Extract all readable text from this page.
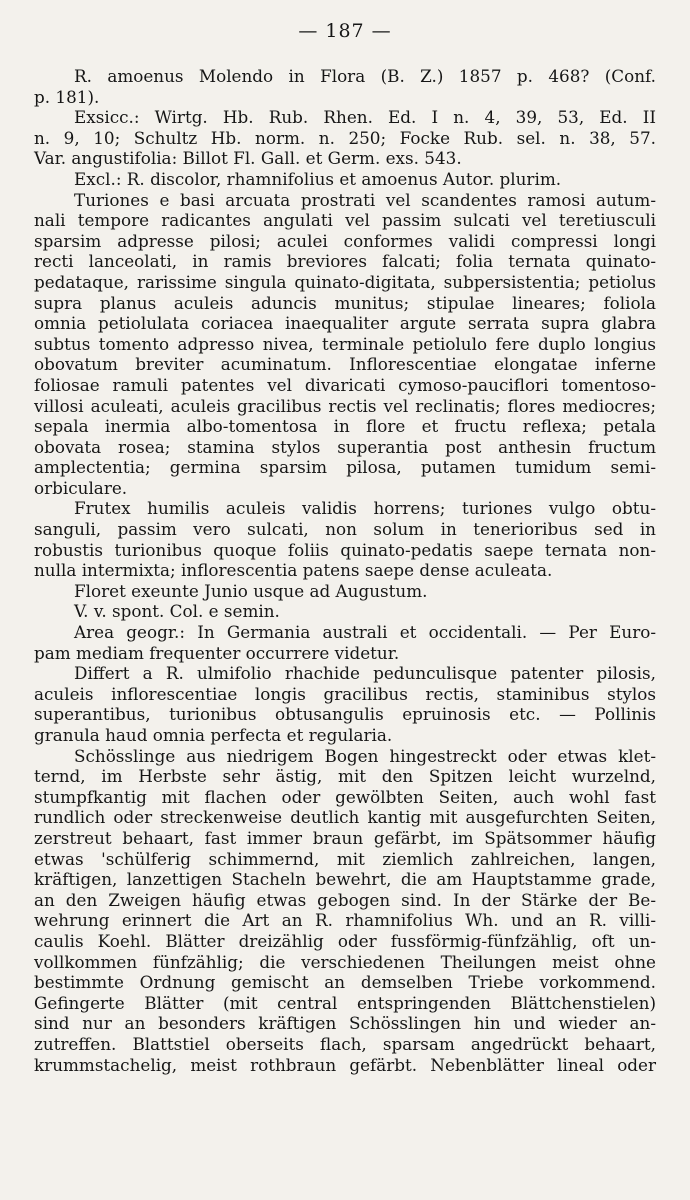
— 187 —
R. amoenus Molendo in Flora (B. Z.) 1857 p. 468? (Conf.
p. 181).
Exsicc.: Wirtg. Hb. Rub. Rhen. Ed. I n. 4, 39, 53, Ed. II
n. 9, 10; Schultz Hb. norm. n. 250; Focke Rub. sel. n. 38, 57.
Var. angustifolia: Billot Fl. Gall. et Germ. exs. 543.
Excl.: R. discolor, rhamnifolius et amoenus Autor. plurim.
Turiones e basi arcuata prostrati vel scandentes ramosi autum-
nali tempore radicantes angulati vel passim sulcati vel teretiusculi
sparsim adpresse pilosi; aculei conformes validi compressi longi
recti lanceolati, in ramis breviores falcati; folia ternata quinato-
pedataque, rarissime singula quinato-digitata, subpersistentia; petiolus
supra planus aculeis aduncis munitus; stipulae lineares; foliola
omnia petiolulata coriacea inaequaliter argute serrata supra glabra
subtus tomento adpresso nivea, terminale petiolulo fere duplo longius
obovatum breviter acuminatum. Inflorescentiae elongatae inferne
foliosae ramuli patentes vel divaricati cymoso-pauciflori tomentoso-
villosi aculeati, aculeis gracilibus rectis vel reclinatis; flores mediocres;
sepala inermia albo-tomentosa in flore et fructu reflexa; petala
obovata rosea; stamina stylos superantia post anthesin fructum
amplectentia; germina sparsim pilosa, putamen tumidum semi-
orbiculare.
Frutex humilis aculeis validis horrens; turiones vulgo obtu-
sanguli, passim vero sulcati, non solum in tenerioribus sed in
robustis turionibus quoque foliis quinato-pedatis saepe ternata non-
nulla intermixta; inflorescentia patens saepe dense aculeata.
Floret exeunte Junio usque ad Augustum.
V. v. spont. Col. e semin.
Area geogr.: In Germania australi et occidentali. — Per Euro-
pam mediam frequenter occurrere videtur.
Differt a R. ulmifolio rhachide pedunculisque patenter pilosis,
aculeis inflorescentiae longis gracilibus rectis, staminibus stylos
superantibus, turionibus obtusangulis epruinosis etc. — Pollinis
granula haud omnia perfecta et regularia.
Schösslinge aus niedrigem Bogen hingestreckt oder etwas klet-
ternd, im Herbste sehr ästig, mit den Spitzen leicht wurzelnd,
stumpfkantig mit flachen oder gewölbten Seiten, auch wohl fast
rundlich oder streckenweise deutlich kantig mit ausgefurchten Seiten,
zerstreut behaart, fast immer braun gefärbt, im Spätsommer häufig
etwas 'schülferig schimmernd, mit ziemlich zahlreichen, langen,
kräftigen, lanzettigen Stacheln bewehrt, die am Hauptstamme grade,
an den Zweigen häufig etwas gebogen sind. In der Stärke der Be-
wehrung erinnert die Art an R. rhamnifolius Wh. und an R. villi-
caulis Koehl. Blätter dreizählig oder fussförmig-fünfzählig, oft un-
vollkommen fünfzählig; die verschiedenen Theilungen meist ohne
bestimmte Ordnung gemischt an demselben Triebe vorkommend.
Gefingerte Blätter (mit central entspringenden Blättchenstielen)
sind nur an besonders kräftigen Schösslingen hin und wieder an-
zutreffen. Blattstiel oberseits flach, sparsam angedrückt behaart,
krummstachelig, meist rothbraun gefärbt. Nebenblätter lineal oder
